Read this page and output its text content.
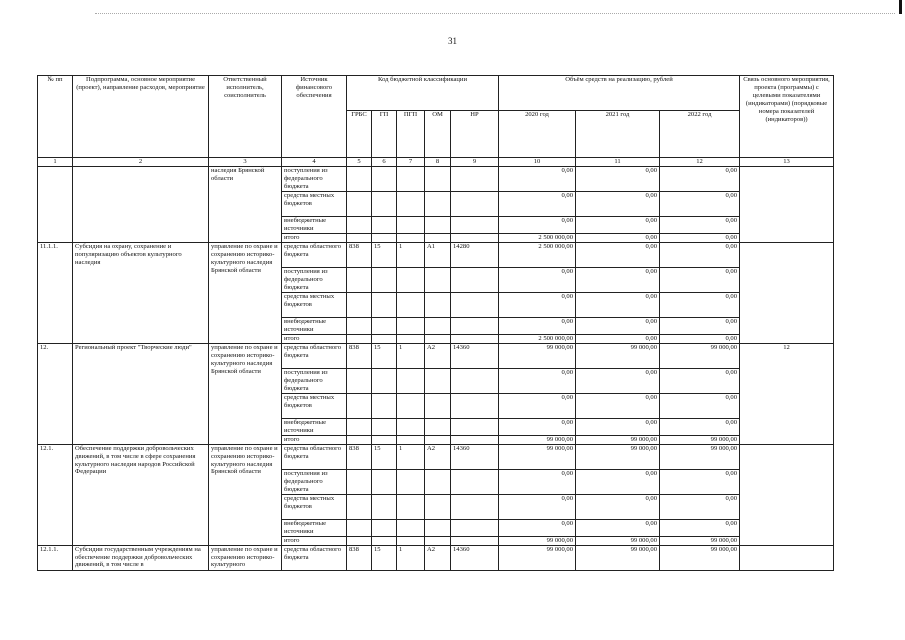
31
№ пп	Подпрограмма, основное мероприятие (проект), направление расходов, мероприятие	Ответственный исполнитель, соисполнитель	Источник финансового обеспечения	Код бюджетной классификации					Объём средств на реализацию, рублей			Связь основного мероприятия, проекта (программы) с целевыми показателями (индикаторами) (порядковые номера показателей (индикаторов))
				ГРБС	ГП	ПГП	ОМ	НР	2020 год	2021 год	2022 год	
1	2	3	4	5	6	7	8	9	10	11	12	13
		наследия Брянской области	поступления из федерального бюджета						0,00	0,00	0,00	
			средства местных бюджетов						0,00	0,00	0,00	
			внебюджетные источники						0,00	0,00	0,00	
			итого						2 500 000,00	0,00	0,00	
11.1.1.	Субсидия на охрану, сохранение и популяризацию объектов культурного наследия	управление по охране и сохранению историко-культурного наследия Брянской области	средства областного бюджета	838	15	1	А1	14280	2 500 000,00	0,00	0,00	
			поступления из федерального бюджета						0,00	0,00	0,00	
			средства местных бюджетов						0,00	0,00	0,00	
			внебюджетные источники						0,00	0,00	0,00	
			итого						2 500 000,00	0,00	0,00	
12.	Региональный проект "Творческие люди"	управление по охране и сохранению историко-культурного наследия Брянской области	средства областного бюджета	838	15	1	А2	14360	99 000,00	99 000,00	99 000,00	12
			поступления из федерального бюджета						0,00	0,00	0,00	
			средства местных бюджетов						0,00	0,00	0,00	
			внебюджетные источники						0,00	0,00	0,00	
			итого						99 000,00	99 000,00	99 000,00	
12.1.	Обеспечение поддержки добровольческих движений, в том числе в сфере сохранения культурного наследия народов Российской Федерации	управление по охране и сохранению историко-культурного наследия Брянской области	средства областного бюджета	838	15	1	А2	14360	99 000,00	99 000,00	99 000,00	
			поступления из федерального бюджета						0,00	0,00	0,00	
			средства местных бюджетов						0,00	0,00	0,00	
			внебюджетные источники						0,00	0,00	0,00	
			итого						99 000,00	99 000,00	99 000,00	
12.1.1.	Субсидии государственным учреждениям на обеспечение поддержки добровольческих движений, в том числе в	управление по охране и сохранению историко-культурного	средства областного бюджета	838	15	1	А2	14360	99 000,00	99 000,00	99 000,00	
